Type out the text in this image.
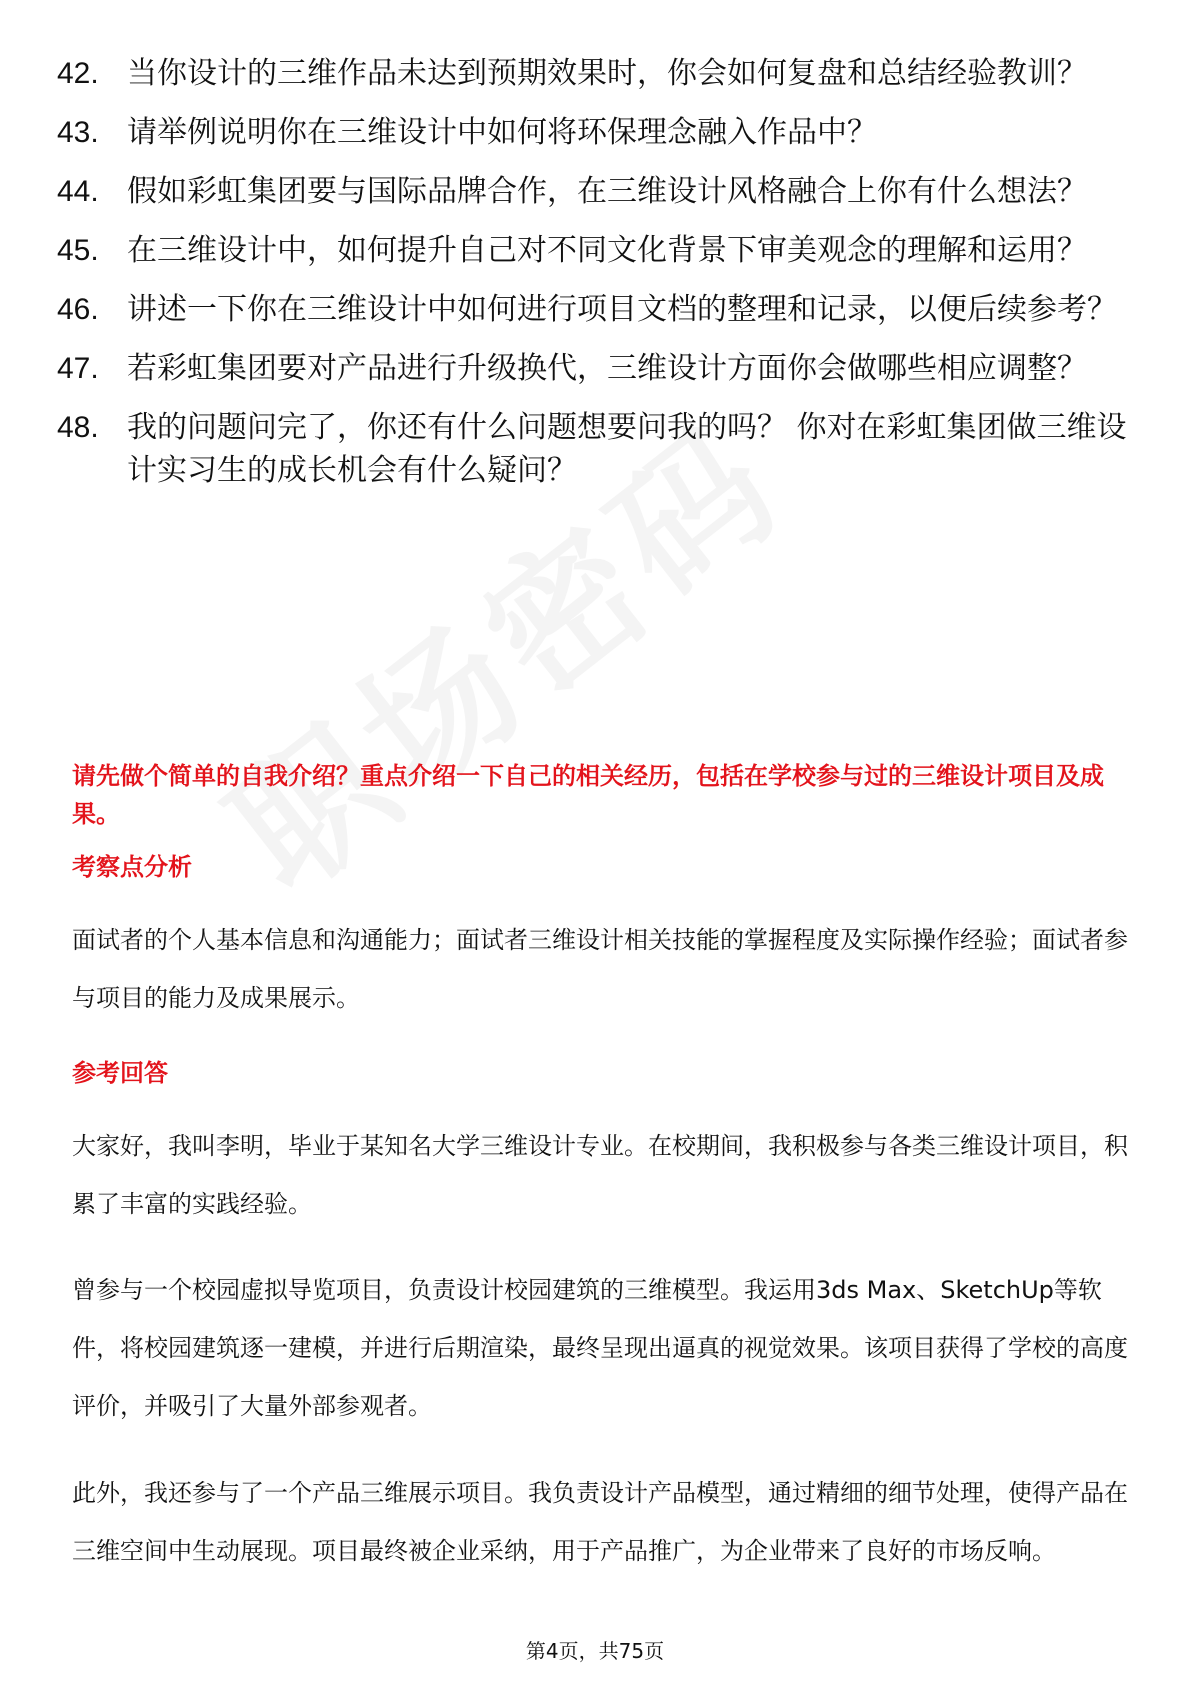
42. 当你设计的三维作品未达到预期效果时，你会如何复盘和总结经验教训？
43. 请举例说明你在三维设计中如何将环保理念融入作品中？
44. 假如彩虹集团要与国际品牌合作，在三维设计风格融合上你有什么想法？
45. 在三维设计中，如何提升自己对不同文化背景下审美观念的理解和运用？
46. 讲述一下你在三维设计中如何进行项目文档的整理和记录，以便后续参考？
47. 若彩虹集团要对产品进行升级换代，三维设计方面你会做哪些相应调整？
48. 我的问题问完了，你还有什么问题想要问我的吗？ 你对在彩虹集团做三维设计实习生的成长机会有什么疑问？

请先做个简单的自我介绍？重点介绍一下自己的相关经历，包括在学校参与过的三维设计项目及成果。

考察点分析

面试者的个人基本信息和沟通能力；面试者三维设计相关技能的掌握程度及实际操作经验；面试者参与项目的能力及成果展示。

参考回答

大家好，我叫李明，毕业于某知名大学三维设计专业。在校期间，我积极参与各类三维设计项目，积累了丰富的实践经验。

曾参与一个校园虚拟导览项目，负责设计校园建筑的三维模型。我运用3ds Max、SketchUp等软件，将校园建筑逐一建模，并进行后期渲染，最终呈现出逼真的视觉效果。该项目获得了学校的高度评价，并吸引了大量外部参观者。

此外，我还参与了一个产品三维展示项目。我负责设计产品模型，通过精细的细节处理，使得产品在三维空间中生动展现。项目最终被企业采纳，用于产品推广，为企业带来了良好的市场反响。

第4页，共75页
